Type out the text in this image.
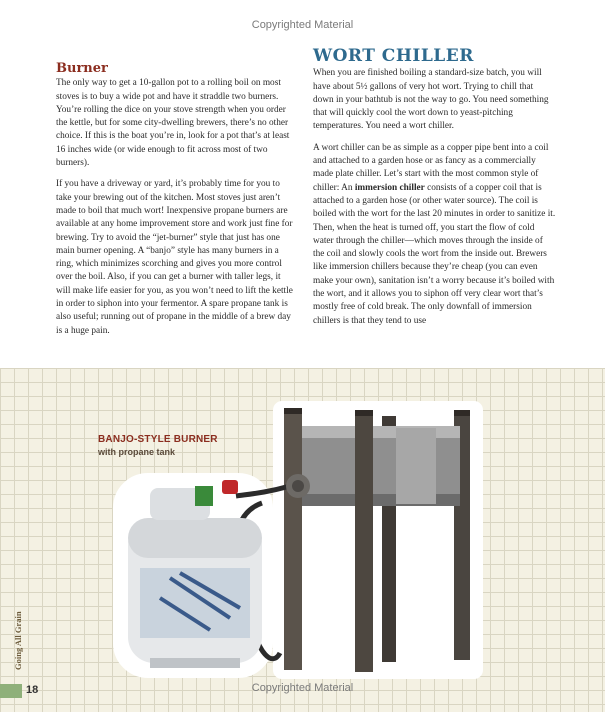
Copyrighted Material
Burner

The only way to get a 10-gallon pot to a rolling boil on most stoves is to buy a wide pot and have it straddle two burners. You’re rolling the dice on your stove strength when you order the kettle, but for some city-dwelling brewers, there’s no other choice. If this is the boat you’re in, look for a pot that’s at least 16 inches wide (or wide enough to fit across most of two burners).

If you have a driveway or yard, it’s probably time for you to take your brewing out of the kitchen. Most stoves just aren’t made to boil that much wort! Inexpensive propane burners are available at any home improvement store and work just fine for brewing. Try to avoid the “jet-burner” style that just has one main burner opening. A “banjo” style has many burners in a ring, which minimizes scorching and gives you more control over the boil. Also, if you can get a burner with taller legs, it will make life easier for you, as you won’t need to lift the kettle in order to siphon into your fermentor. A spare propane tank is also useful; running out of propane in the middle of a brew day is a huge pain.

WORT CHILLER

When you are finished boiling a standard-size batch, you will have about 5½ gallons of very hot wort. Trying to chill that down in your bathtub is not the way to go. You need something that will quickly cool the wort down to yeast-pitching temperatures. You need a wort chiller.

A wort chiller can be as simple as a copper pipe bent into a coil and attached to a garden hose or as fancy as a commercially made plate chiller. Let’s start with the most common style of chiller: An immersion chiller consists of a copper coil that is attached to a garden hose (or other water source). The coil is boiled with the wort for the last 20 minutes in order to sanitize it. Then, when the heat is turned off, you start the flow of cold water through the chiller—which moves through the inside of the coil and slowly cools the wort from the inside out. Brewers like immersion chillers because they’re cheap (you can even make your own), sanitation isn’t a worry because it’s boiled with the wort, and it allows you to siphon off very clear wort that’s mostly free of cold break. The only downfall of immersion chillers is that they tend to use

BANJO-STYLE BURNER
with propane tank
Going All Grain
18	Copyrighted Material
